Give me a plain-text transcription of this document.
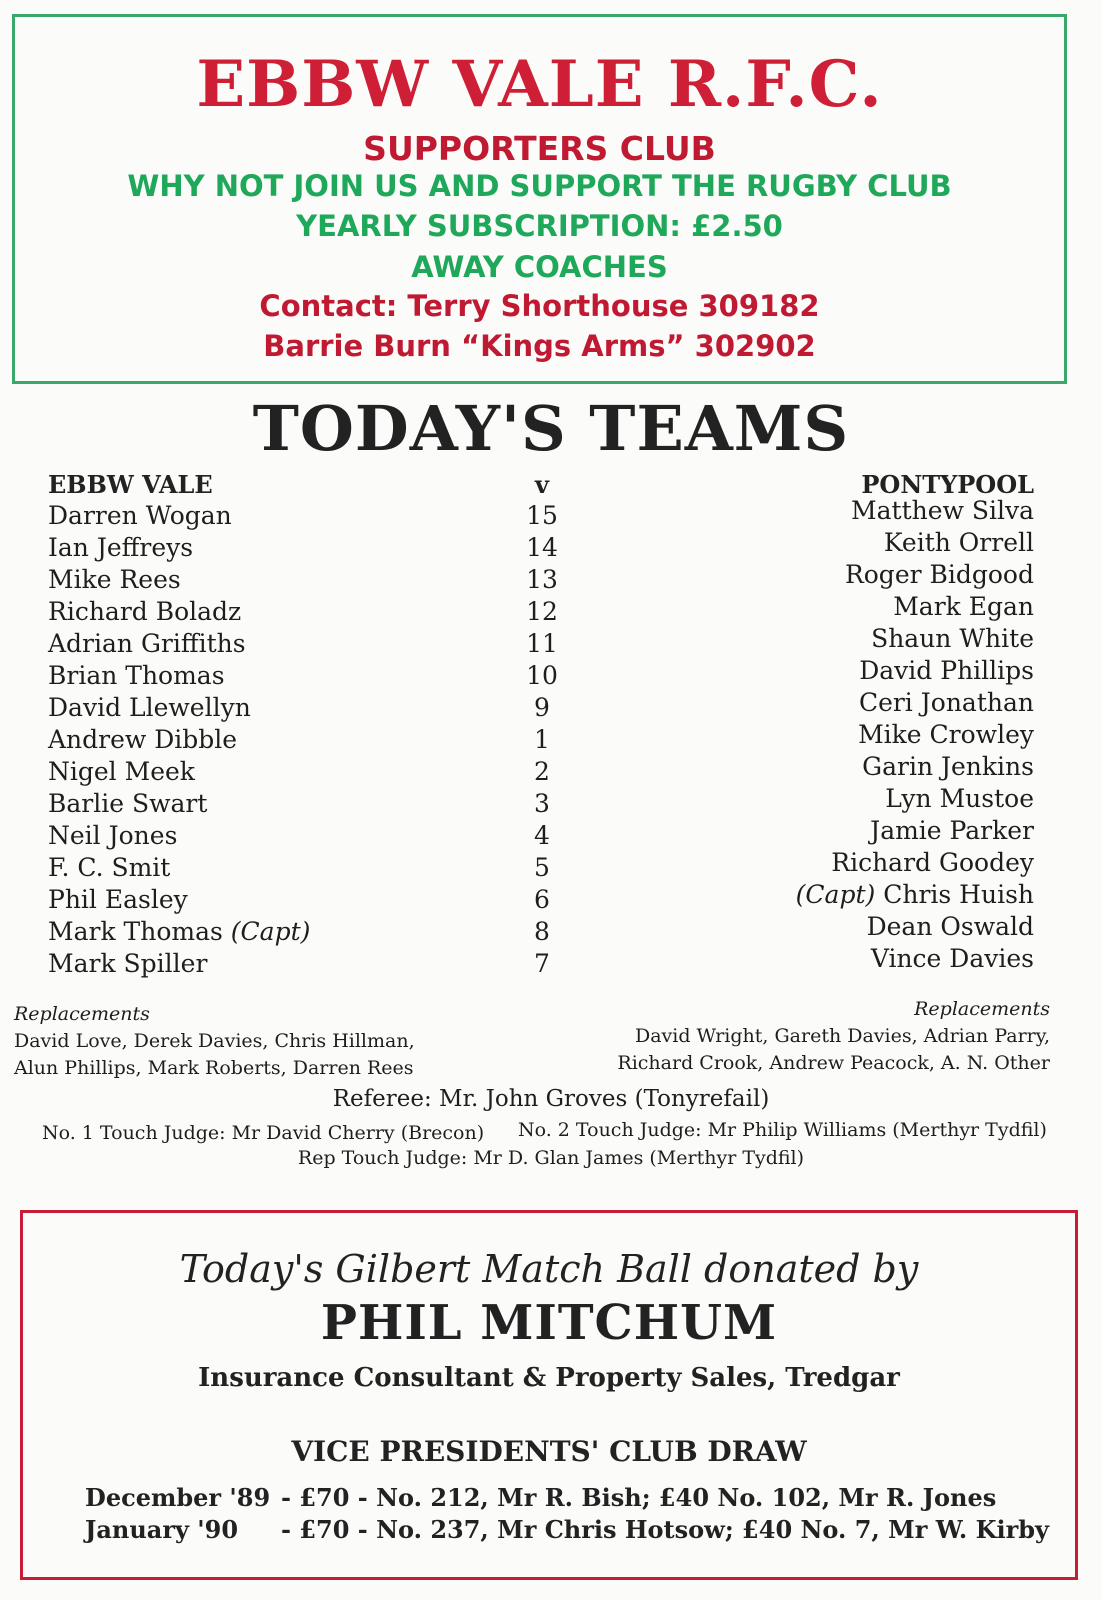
EBBW VALE R.F.C.

SUPPORTERS CLUB

WHY NOT JOIN US AND SUPPORT THE RUGBY CLUB

YEARLY SUBSCRIPTION: £2.50

AWAY COACHES

Contact: Terry Shorthouse 309182

Barrie Burn “Kings Arms” 302902

TODAY'S TEAMS

EBBW VALE	v	PONTYPOOL

Darren Wogan
Ian Jeffreys
Mike Rees
Richard Boladz
Adrian Griffiths
Brian Thomas
David Llewellyn
Andrew Dibble
Nigel Meek
Barlie Swart
Neil Jones
F. C. Smit
Phil Easley
Mark Thomas (Capt)
Mark Spiller
15
14
13
12
11
10
9
1
2
3
4
5
6
8
7
Matthew Silva
Keith Orrell
Roger Bidgood
Mark Egan
Shaun White
David Phillips
Ceri Jonathan
Mike Crowley
Garin Jenkins
Lyn Mustoe
Jamie Parker
Richard Goodey
(Capt) Chris Huish
Dean Oswald
Vince Davies

Replacements

David Love, Derek Davies, Chris Hillman,
Alun Phillips, Mark Roberts, Darren Rees

Replacements

David Wright, Gareth Davies, Adrian Parry,
Richard Crook, Andrew Peacock, A. N. Other

Referee: Mr. John Groves (Tonyrefail)

No. 1 Touch Judge: Mr David Cherry (Brecon) No. 2 Touch Judge: Mr Philip Williams (Merthyr Tydfil)

Rep Touch Judge: Mr D. Glan James (Merthyr Tydfil)

Today's Gilbert Match Ball donated by

PHIL MITCHUM

Insurance Consultant & Property Sales, Tredgar

VICE PRESIDENTS' CLUB DRAW

December '89 - £70 - No. 212, Mr R. Bish; £40 No. 102, Mr R. Jones
January '90 - £70 - No. 237, Mr Chris Hotsow; £40 No. 7, Mr W. Kirby
